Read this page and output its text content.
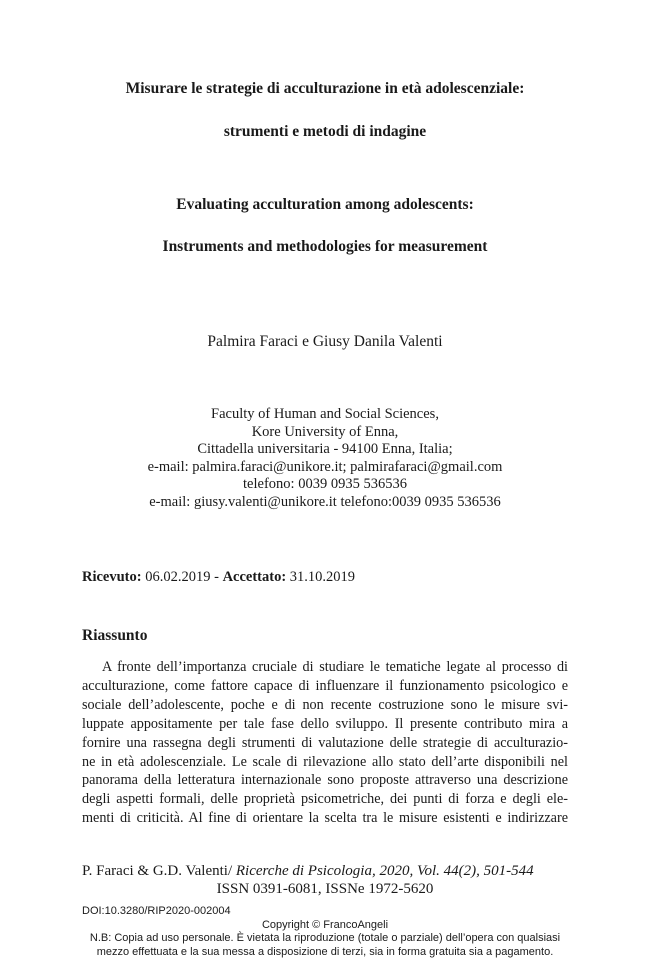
Misurare le strategie di acculturazione in età adolescenziale:
strumenti e metodi di indagine
Evaluating acculturation among adolescents:
Instruments and methodologies for measurement
Palmira Faraci e Giusy Danila Valenti
Faculty of Human and Social Sciences,
Kore University of Enna,
Cittadella universitaria - 94100 Enna, Italia;
e-mail: palmira.faraci@unikore.it; palmirafaraci@gmail.com
telefono: 0039 0935 536536
e-mail: giusy.valenti@unikore.it telefono:0039 0935 536536
Ricevuto: 06.02.2019 - Accettato: 31.10.2019
Riassunto
A fronte dell’importanza cruciale di studiare le tematiche legate al processo di
acculturazione, come fattore capace di influenzare il funzionamento psicologico e
sociale dell’adolescente, poche e di non recente costruzione sono le misure svi-
luppate appositamente per tale fase dello sviluppo. Il presente contributo mira a
fornire una rassegna degli strumenti di valutazione delle strategie di acculturazio-
ne in età adolescenziale. Le scale di rilevazione allo stato dell’arte disponibili nel
panorama della letteratura internazionale sono proposte attraverso una descrizione
degli aspetti formali, delle proprietà psicometriche, dei punti di forza e degli ele-
menti di criticità. Al fine di orientare la scelta tra le misure esistenti e indirizzare
P. Faraci & G.D. Valenti/ Ricerche di Psicologia, 2020, Vol. 44(2), 501-544
ISSN 0391-6081, ISSNe 1972-5620
DOI:10.3280/RIP2020-002004
Copyright © FrancoAngeli
N.B: Copia ad uso personale. È vietata la riproduzione (totale o parziale) dell’opera con qualsiasi
mezzo effettuata e la sua messa a disposizione di terzi, sia in forma gratuita sia a pagamento.
